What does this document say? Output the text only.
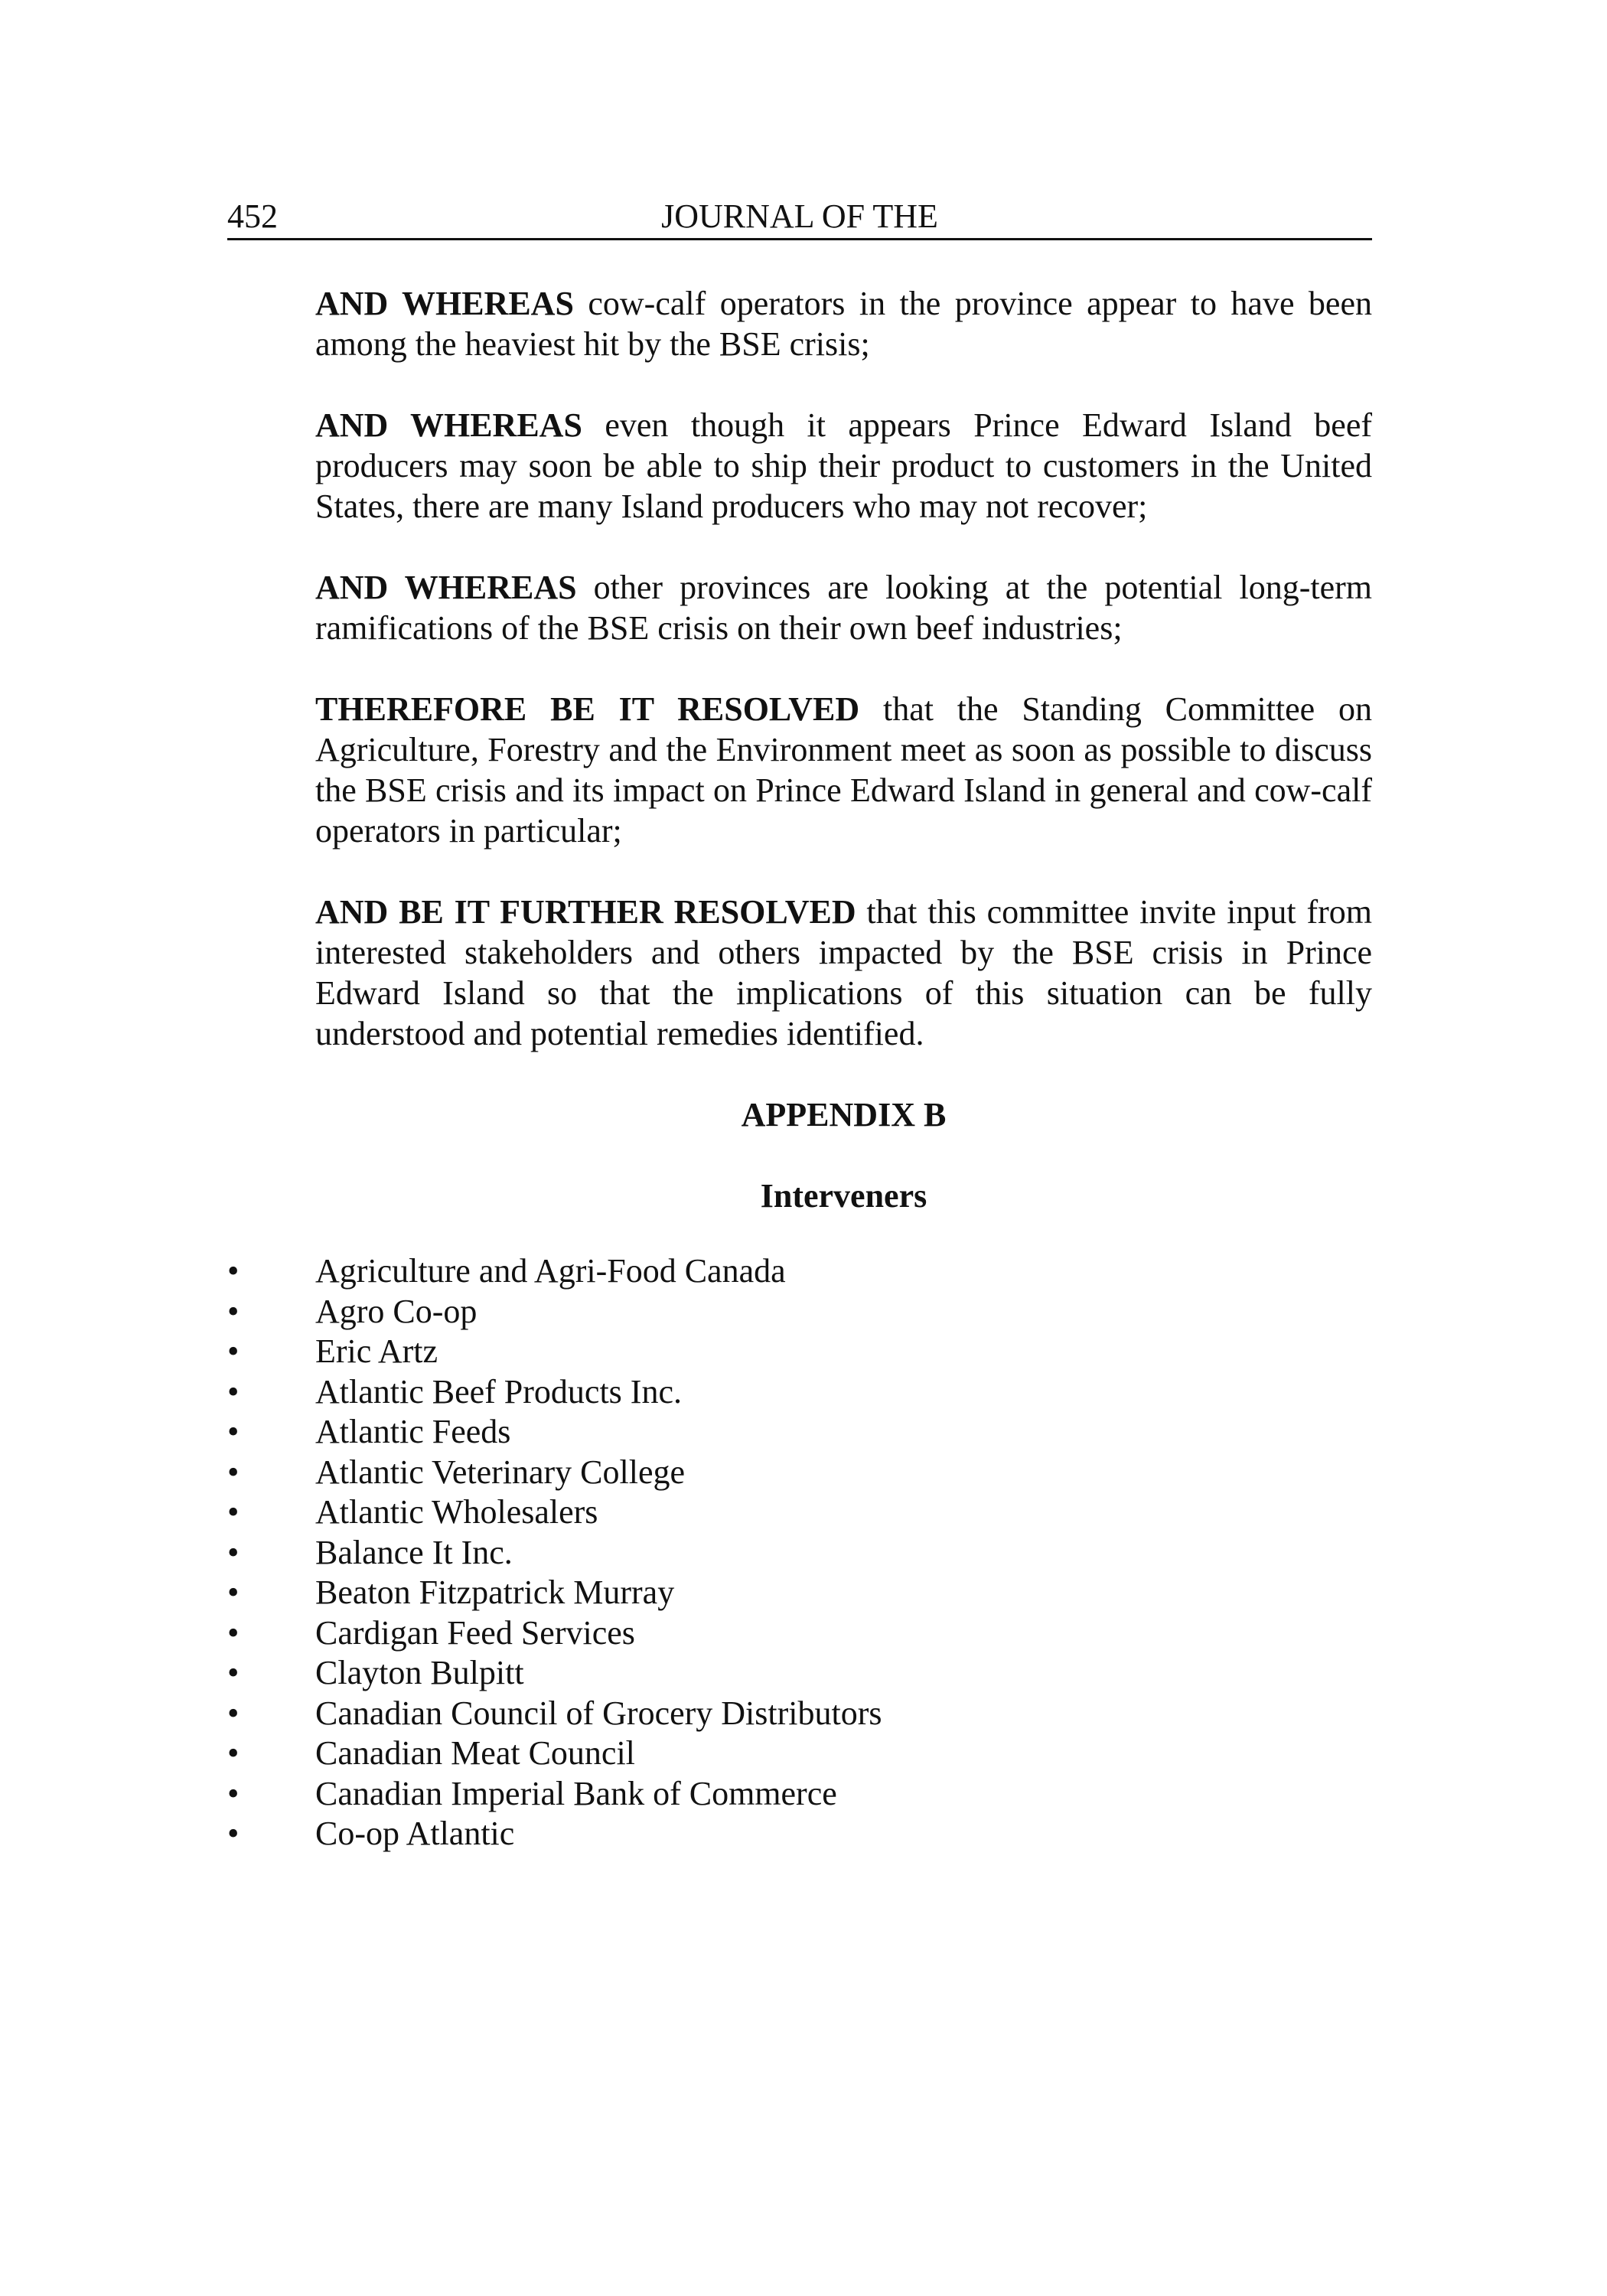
452	JOURNAL OF THE

AND WHEREAS cow-calf operators in the province appear to have been among the heaviest hit by the BSE crisis;

AND WHEREAS even though it appears Prince Edward Island beef producers may soon be able to ship their product to customers in the United States, there are many Island producers who may not recover;

AND WHEREAS other provinces are looking at the potential long-term ramifications of the BSE crisis on their own beef industries;

THEREFORE BE IT RESOLVED that the Standing Committee on Agriculture, Forestry and the Environment meet as soon as possible to discuss the BSE crisis and its impact on Prince Edward Island in general and cow-calf operators in particular;

AND BE IT FURTHER RESOLVED that this committee invite input from interested stakeholders and others impacted by the BSE crisis in Prince Edward Island so that the implications of this situation can be fully understood and potential remedies identified.

APPENDIX B

Interveners

• Agriculture and Agri-Food Canada
• Agro Co-op
• Eric Artz
• Atlantic Beef Products Inc.
• Atlantic Feeds
• Atlantic Veterinary College
• Atlantic Wholesalers
• Balance It Inc.
• Beaton Fitzpatrick Murray
• Cardigan Feed Services
• Clayton Bulpitt
• Canadian Council of Grocery Distributors
• Canadian Meat Council
• Canadian Imperial Bank of Commerce
• Co-op Atlantic
